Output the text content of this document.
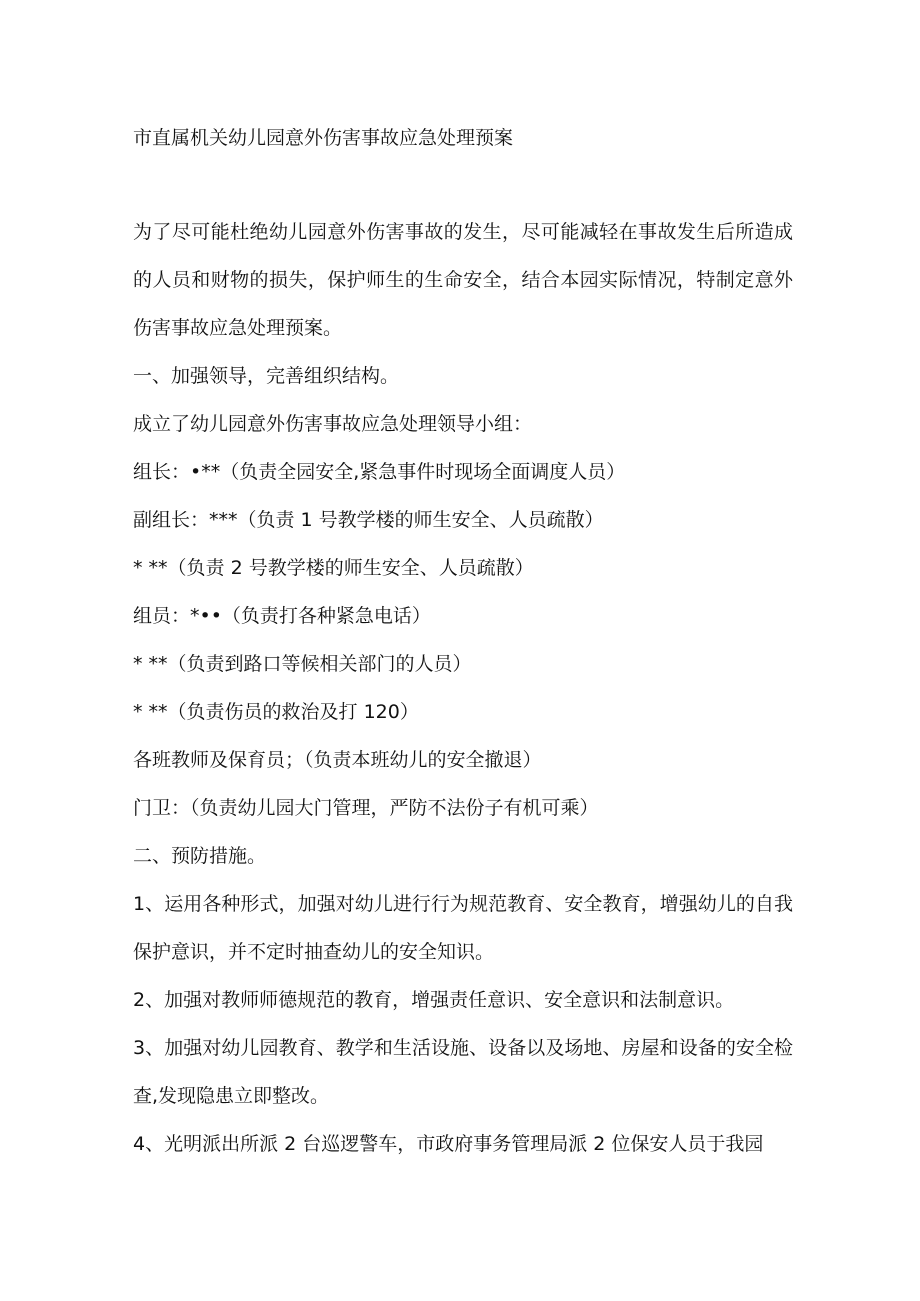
市直属机关幼儿园意外伤害事故应急处理预案

为了尽可能杜绝幼儿园意外伤害事故的发生，尽可能减轻在事故发生后所造成的人员和财物的损失，保护师生的生命安全，结合本园实际情况，特制定意外伤害事故应急处理预案。

一、加强领导，完善组织结构。

成立了幼儿园意外伤害事故应急处理领导小组：

组长：•**（负责全园安全,紧急事件时现场全面调度人员）

副组长：***（负责 1 号教学楼的师生安全、人员疏散）

* **（负责 2 号教学楼的师生安全、人员疏散）

组员：*••（负责打各种紧急电话）

* **（负责到路口等候相关部门的人员）

* **（负责伤员的救治及打 120）

各班教师及保育员；（负责本班幼儿的安全撤退）

门卫：（负责幼儿园大门管理，严防不法份子有机可乘）

二、预防措施。

1、运用各种形式，加强对幼儿进行行为规范教育、安全教育，增强幼儿的自我保护意识，并不定时抽查幼儿的安全知识。

2、加强对教师师德规范的教育，增强责任意识、安全意识和法制意识。

3、加强对幼儿园教育、教学和生活设施、设备以及场地、房屋和设备的安全检查,发现隐患立即整改。

4、光明派出所派 2 台巡逻警车，市政府事务管理局派 2 位保安人员于我园
